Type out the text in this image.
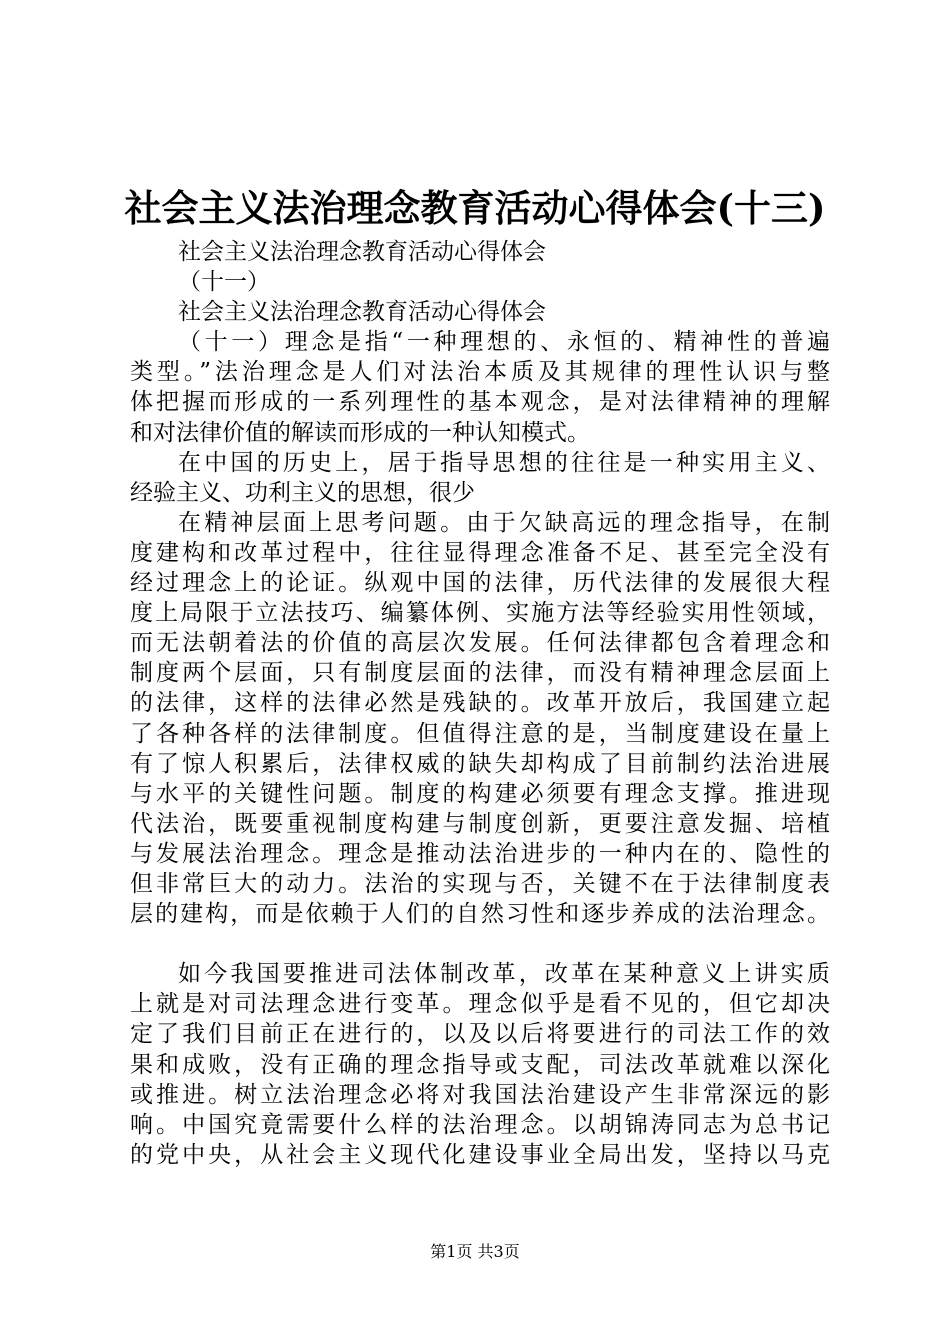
社会主义法治理念教育活动心得体会(十三)
社会主义法治理念教育活动心得体会
（十一）
社会主义法治理念教育活动心得体会
（十一）理念是指“一种理想的、永恒的、精神性的普遍
类型。”法治理念是人们对法治本质及其规律的理性认识与整
体把握而形成的一系列理性的基本观念，是对法律精神的理解
和对法律价值的解读而形成的一种认知模式。
在中国的历史上，居于指导思想的往往是一种实用主义、
经验主义、功利主义的思想，很少
在精神层面上思考问题。由于欠缺高远的理念指导，在制
度建构和改革过程中，往往显得理念准备不足、甚至完全没有
经过理念上的论证。纵观中国的法律，历代法律的发展很大程
度上局限于立法技巧、编纂体例、实施方法等经验实用性领域，
而无法朝着法的价值的高层次发展。任何法律都包含着理念和
制度两个层面，只有制度层面的法律，而没有精神理念层面上
的法律，这样的法律必然是残缺的。改革开放后，我国建立起
了各种各样的法律制度。但值得注意的是，当制度建设在量上
有了惊人积累后，法律权威的缺失却构成了目前制约法治进展
与水平的关键性问题。制度的构建必须要有理念支撑。推进现
代法治，既要重视制度构建与制度创新，更要注意发掘、培植
与发展法治理念。理念是推动法治进步的一种内在的、隐性的
但非常巨大的动力。法治的实现与否，关键不在于法律制度表
层的建构，而是依赖于人们的自然习性和逐步养成的法治理念。
如今我国要推进司法体制改革，改革在某种意义上讲实质
上就是对司法理念进行变革。理念似乎是看不见的，但它却决
定了我们目前正在进行的，以及以后将要进行的司法工作的效
果和成败，没有正确的理念指导或支配，司法改革就难以深化
或推进。树立法治理念必将对我国法治建设产生非常深远的影
响。中国究竟需要什么样的法治理念。以胡锦涛同志为总书记
的党中央，从社会主义现代化建设事业全局出发，坚持以马克
第1页 共3页
